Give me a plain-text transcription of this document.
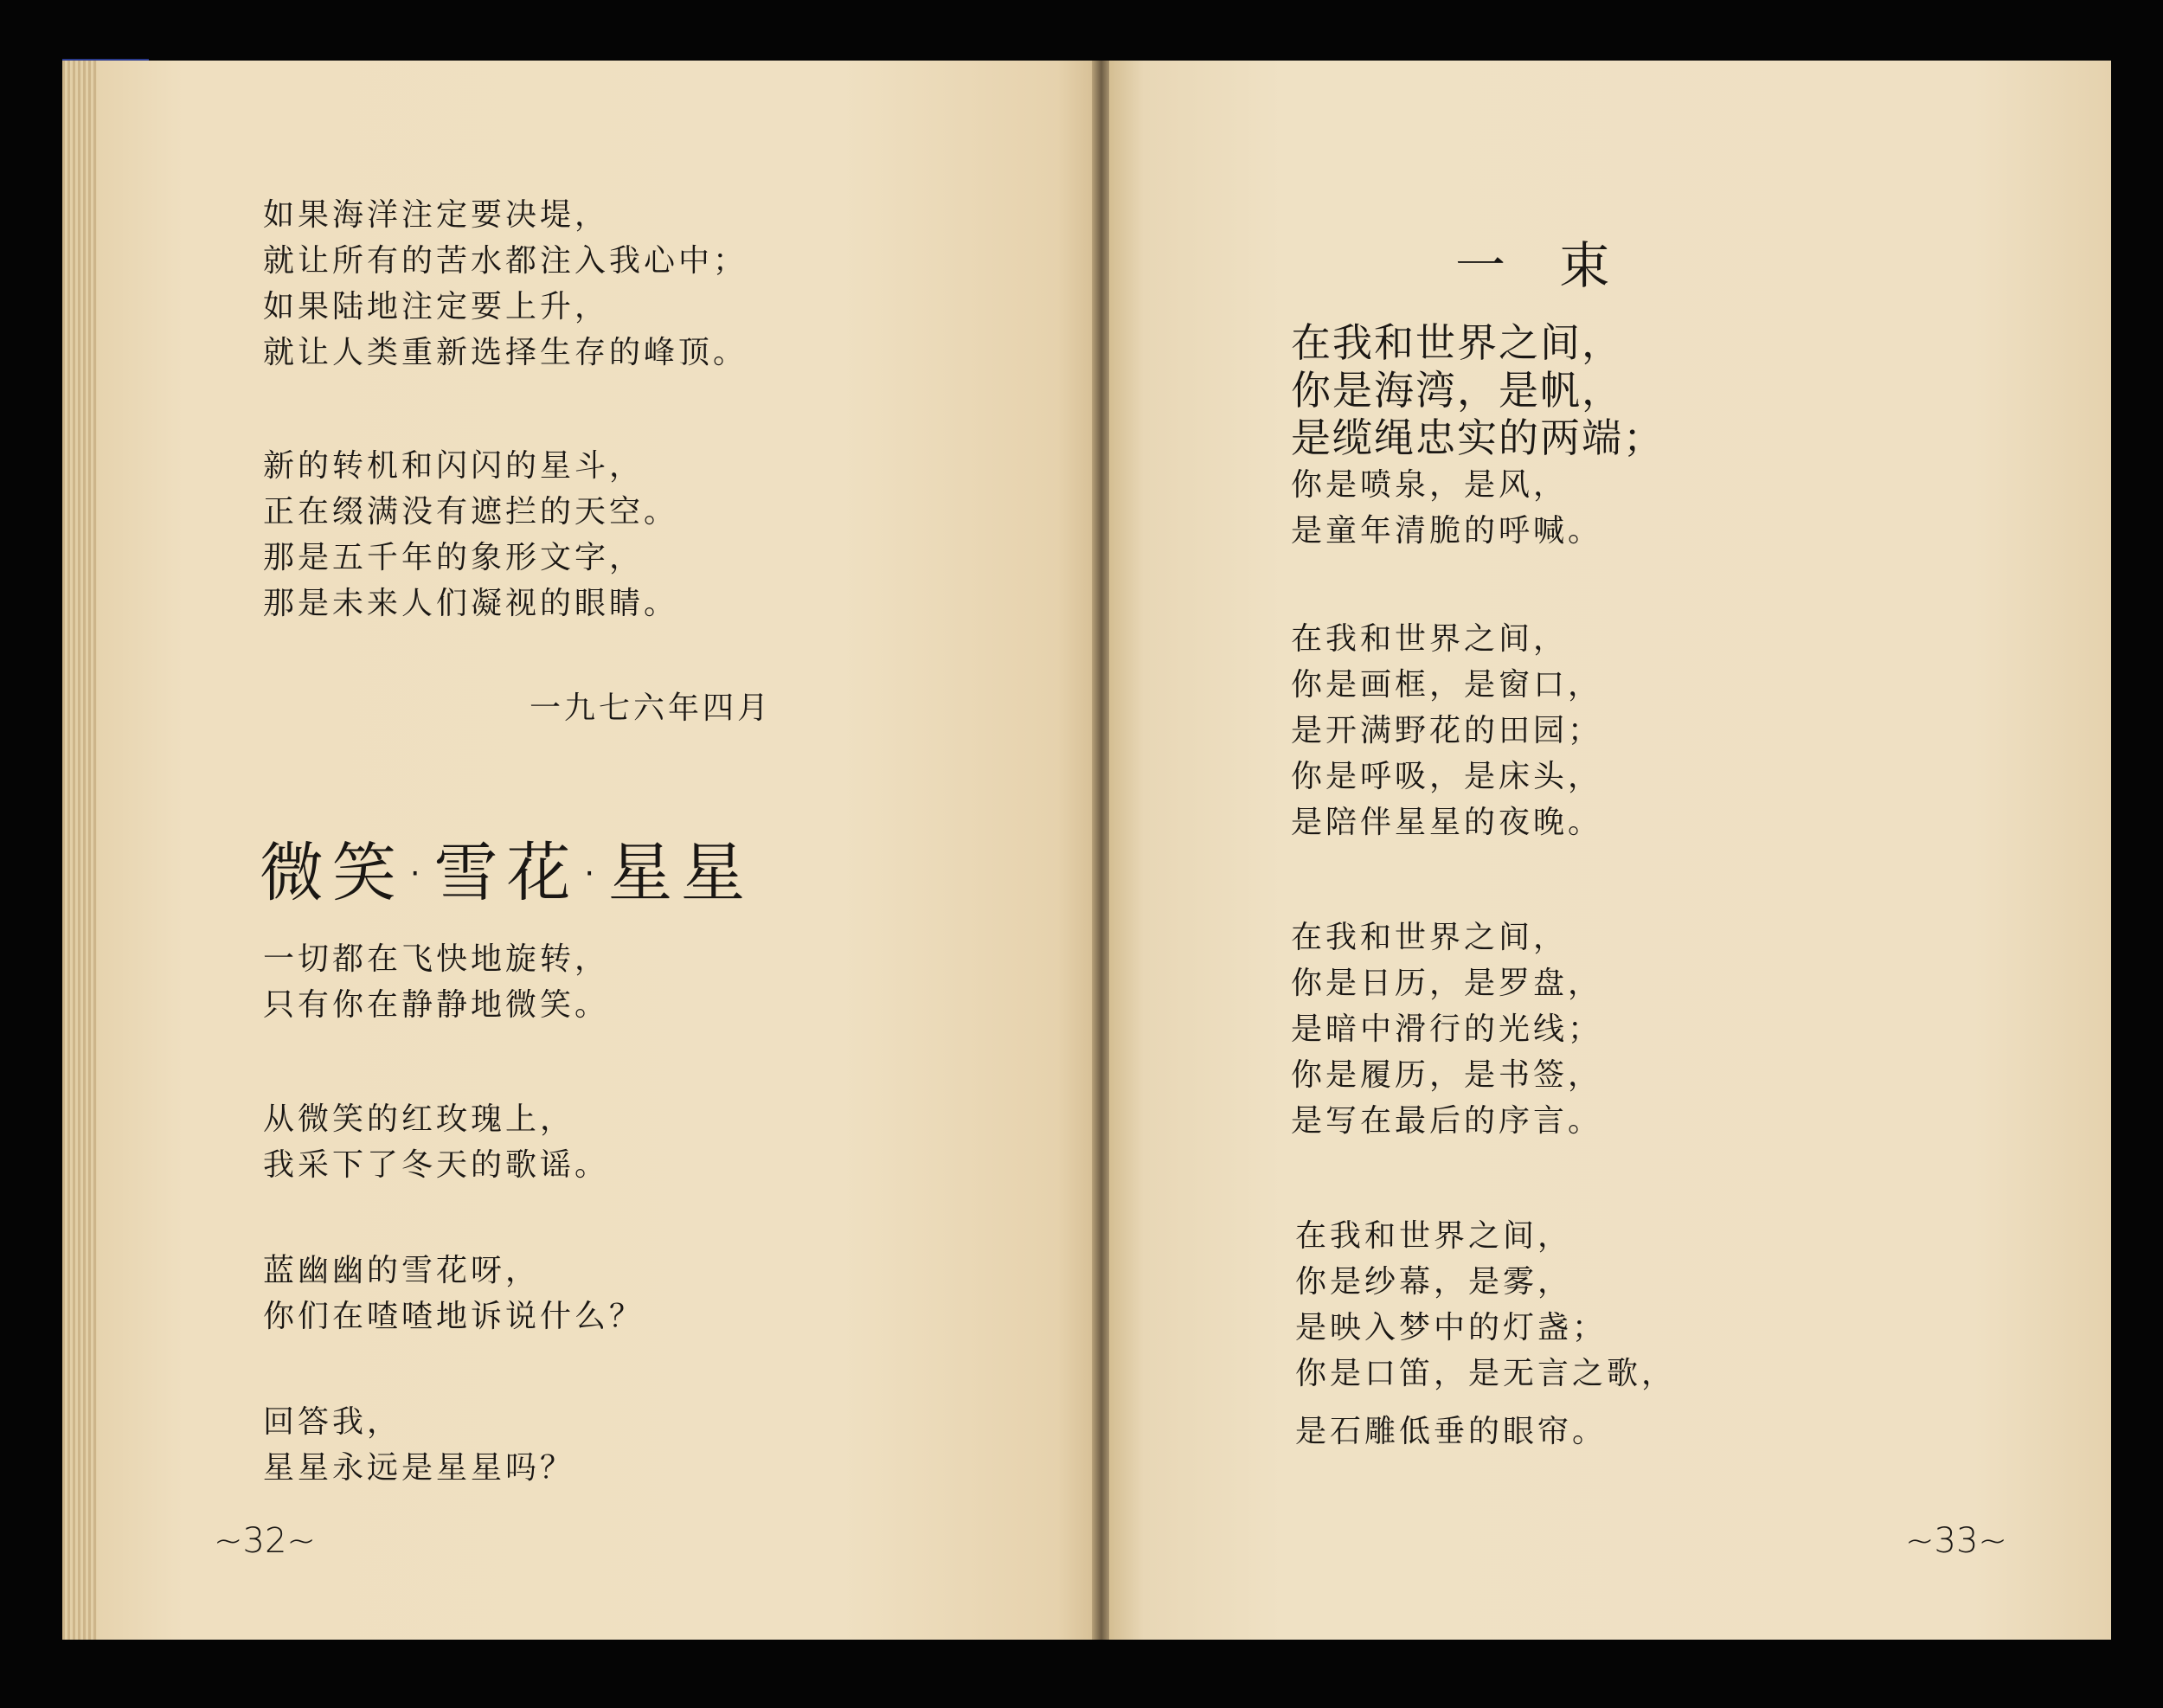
如果海洋注定要决堤，
就让所有的苦水都注入我心中；
如果陆地注定要上升，
就让人类重新选择生存的峰顶。
新的转机和闪闪的星斗，
正在缀满没有遮拦的天空。
那是五千年的象形文字，
那是未来人们凝视的眼睛。
一九七六年四月
微笑·雪花·星星
一切都在飞快地旋转，
只有你在静静地微笑。
从微笑的红玫瑰上，
我采下了冬天的歌谣。
蓝幽幽的雪花呀，
你们在喳喳地诉说什么？
回答我，
星星永远是星星吗？
~32~
一 束
在我和世界之间，
你是海湾，是帆，
是缆绳忠实的两端；
你是喷泉，是风，
是童年清脆的呼喊。
在我和世界之间，
你是画框，是窗口，
是开满野花的田园；
你是呼吸，是床头，
是陪伴星星的夜晚。
在我和世界之间，
你是日历，是罗盘，
是暗中滑行的光线；
你是履历，是书签，
是写在最后的序言。
在我和世界之间，
你是纱幕，是雾，
是映入梦中的灯盏；
你是口笛，是无言之歌，
是石雕低垂的眼帘。
~33~
